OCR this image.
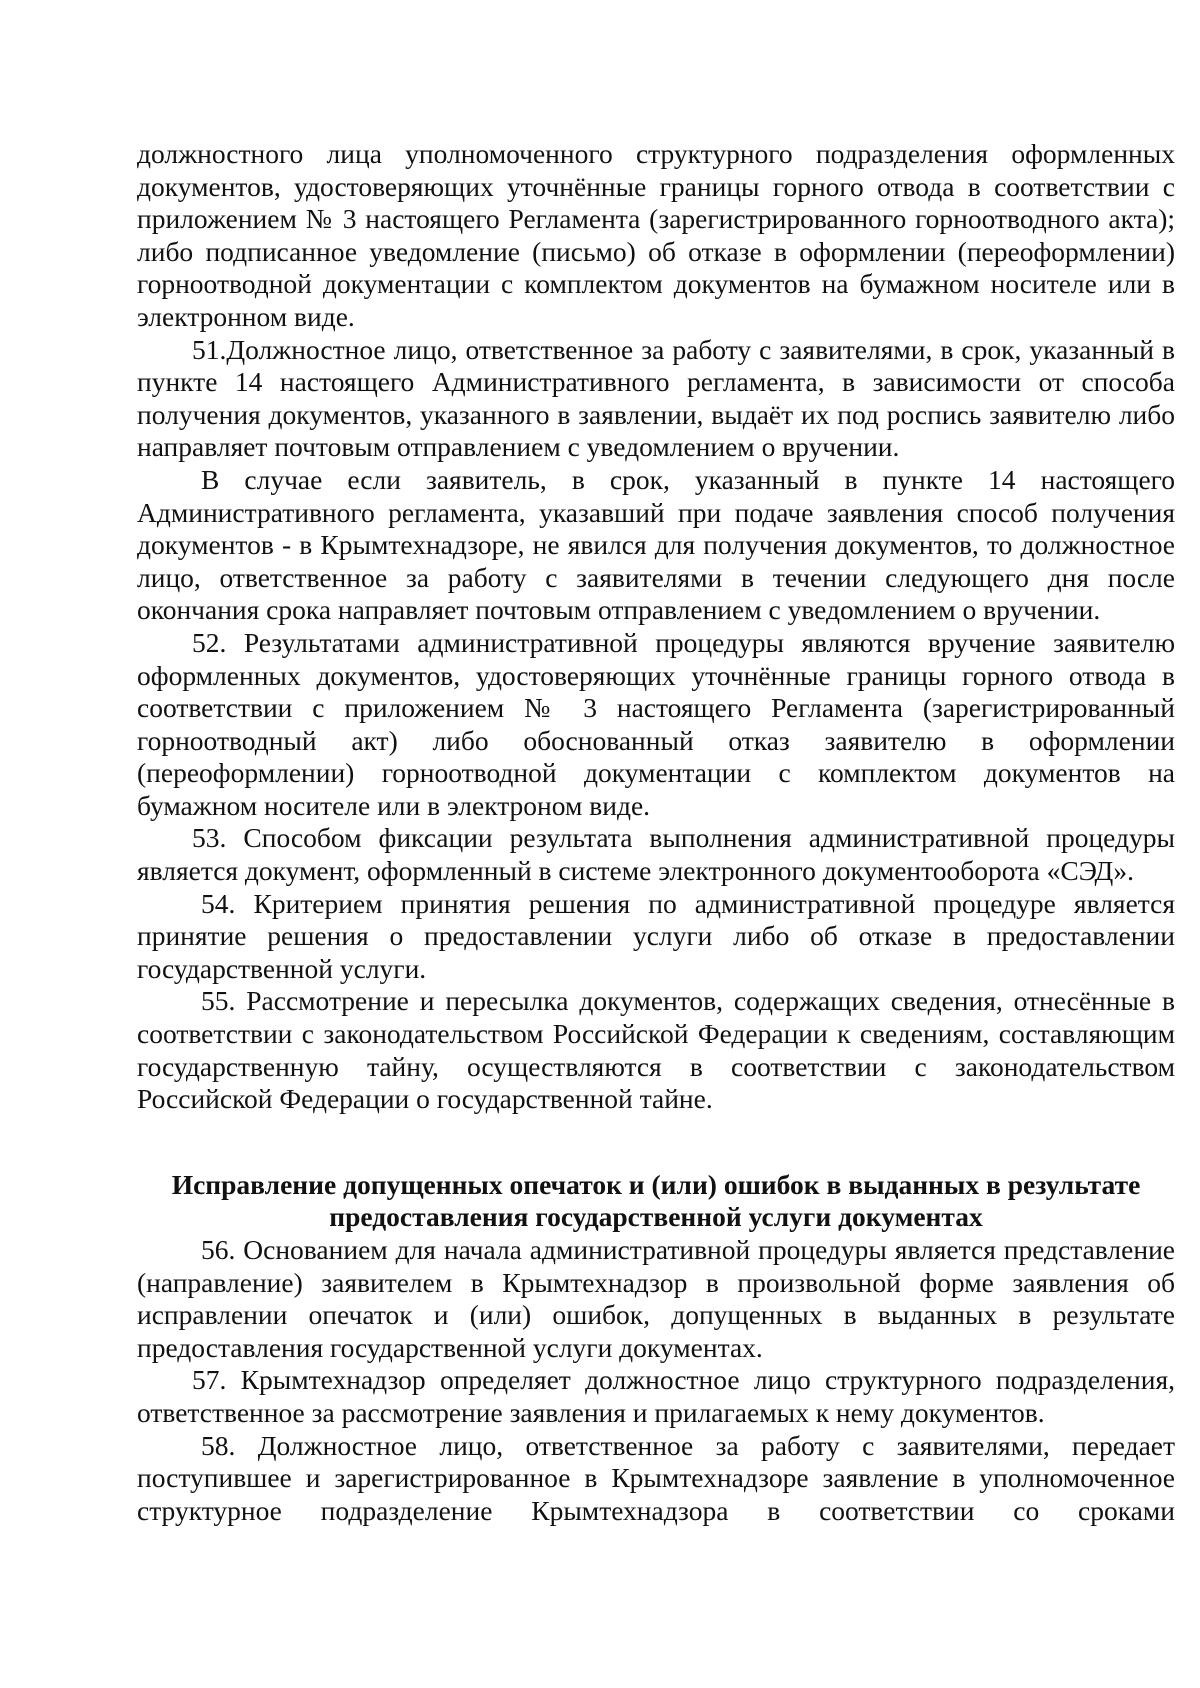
должностного лица уполномоченного структурного подразделения оформленных документов, удостоверяющих уточнённые границы горного отвода в соответствии с приложением № 3 настоящего Регламента (зарегистрированного горноотводного акта); либо подписанное уведомление (письмо) об отказе в оформлении (переоформлении) горноотводной документации с комплектом документов на бумажном носителе или в электронном виде.

51.Должностное лицо, ответственное за работу с заявителями, в срок, указанный в пункте 14 настоящего Административного регламента, в зависимости от способа получения документов, указанного в заявлении, выдаёт их под роспись заявителю либо направляет почтовым отправлением с уведомлением о вручении.

В случае если заявитель, в срок, указанный в пункте 14 настоящего Административного регламента, указавший при подаче заявления способ получения документов - в Крымтехнадзоре, не явился для получения документов, то должностное лицо, ответственное за работу с заявителями в течении следующего дня после окончания срока направляет почтовым отправлением с уведомлением о вручении.

52. Результатами административной процедуры являются вручение заявителю оформленных документов, удостоверяющих уточнённые границы горного отвода в соответствии с приложением № 3 настоящего Регламента (зарегистрированный горноотводный акт) либо обоснованный отказ заявителю в оформлении (переоформлении) горноотводной документации с комплектом документов на бумажном носителе или в электроном виде.

53. Способом фиксации результата выполнения административной процедуры является документ, оформленный в системе электронного документооборота «СЭД».

54. Критерием принятия решения по административной процедуре является принятие решения о предоставлении услуги либо об отказе в предоставлении государственной услуги.

55. Рассмотрение и пересылка документов, содержащих сведения, отнесённые в соответствии с законодательством Российской Федерации к сведениям, составляющим государственную тайну, осуществляются в соответствии с законодательством Российской Федерации о государственной тайне.

Исправление допущенных опечаток и (или) ошибок в выданных в результате
предоставления государственной услуги документах

56. Основанием для начала административной процедуры является представление (направление) заявителем в Крымтехнадзор в произвольной форме заявления об исправлении опечаток и (или) ошибок, допущенных в выданных в результате предоставления государственной услуги документах.

57. Крымтехнадзор определяет должностное лицо структурного подразделения, ответственное за рассмотрение заявления и прилагаемых к нему документов.

58. Должностное лицо, ответственное за работу с заявителями, передает поступившее и зарегистрированное в Крымтехнадзоре заявление в уполномоченное структурное подразделение Крымтехнадзора в соответствии со сроками
